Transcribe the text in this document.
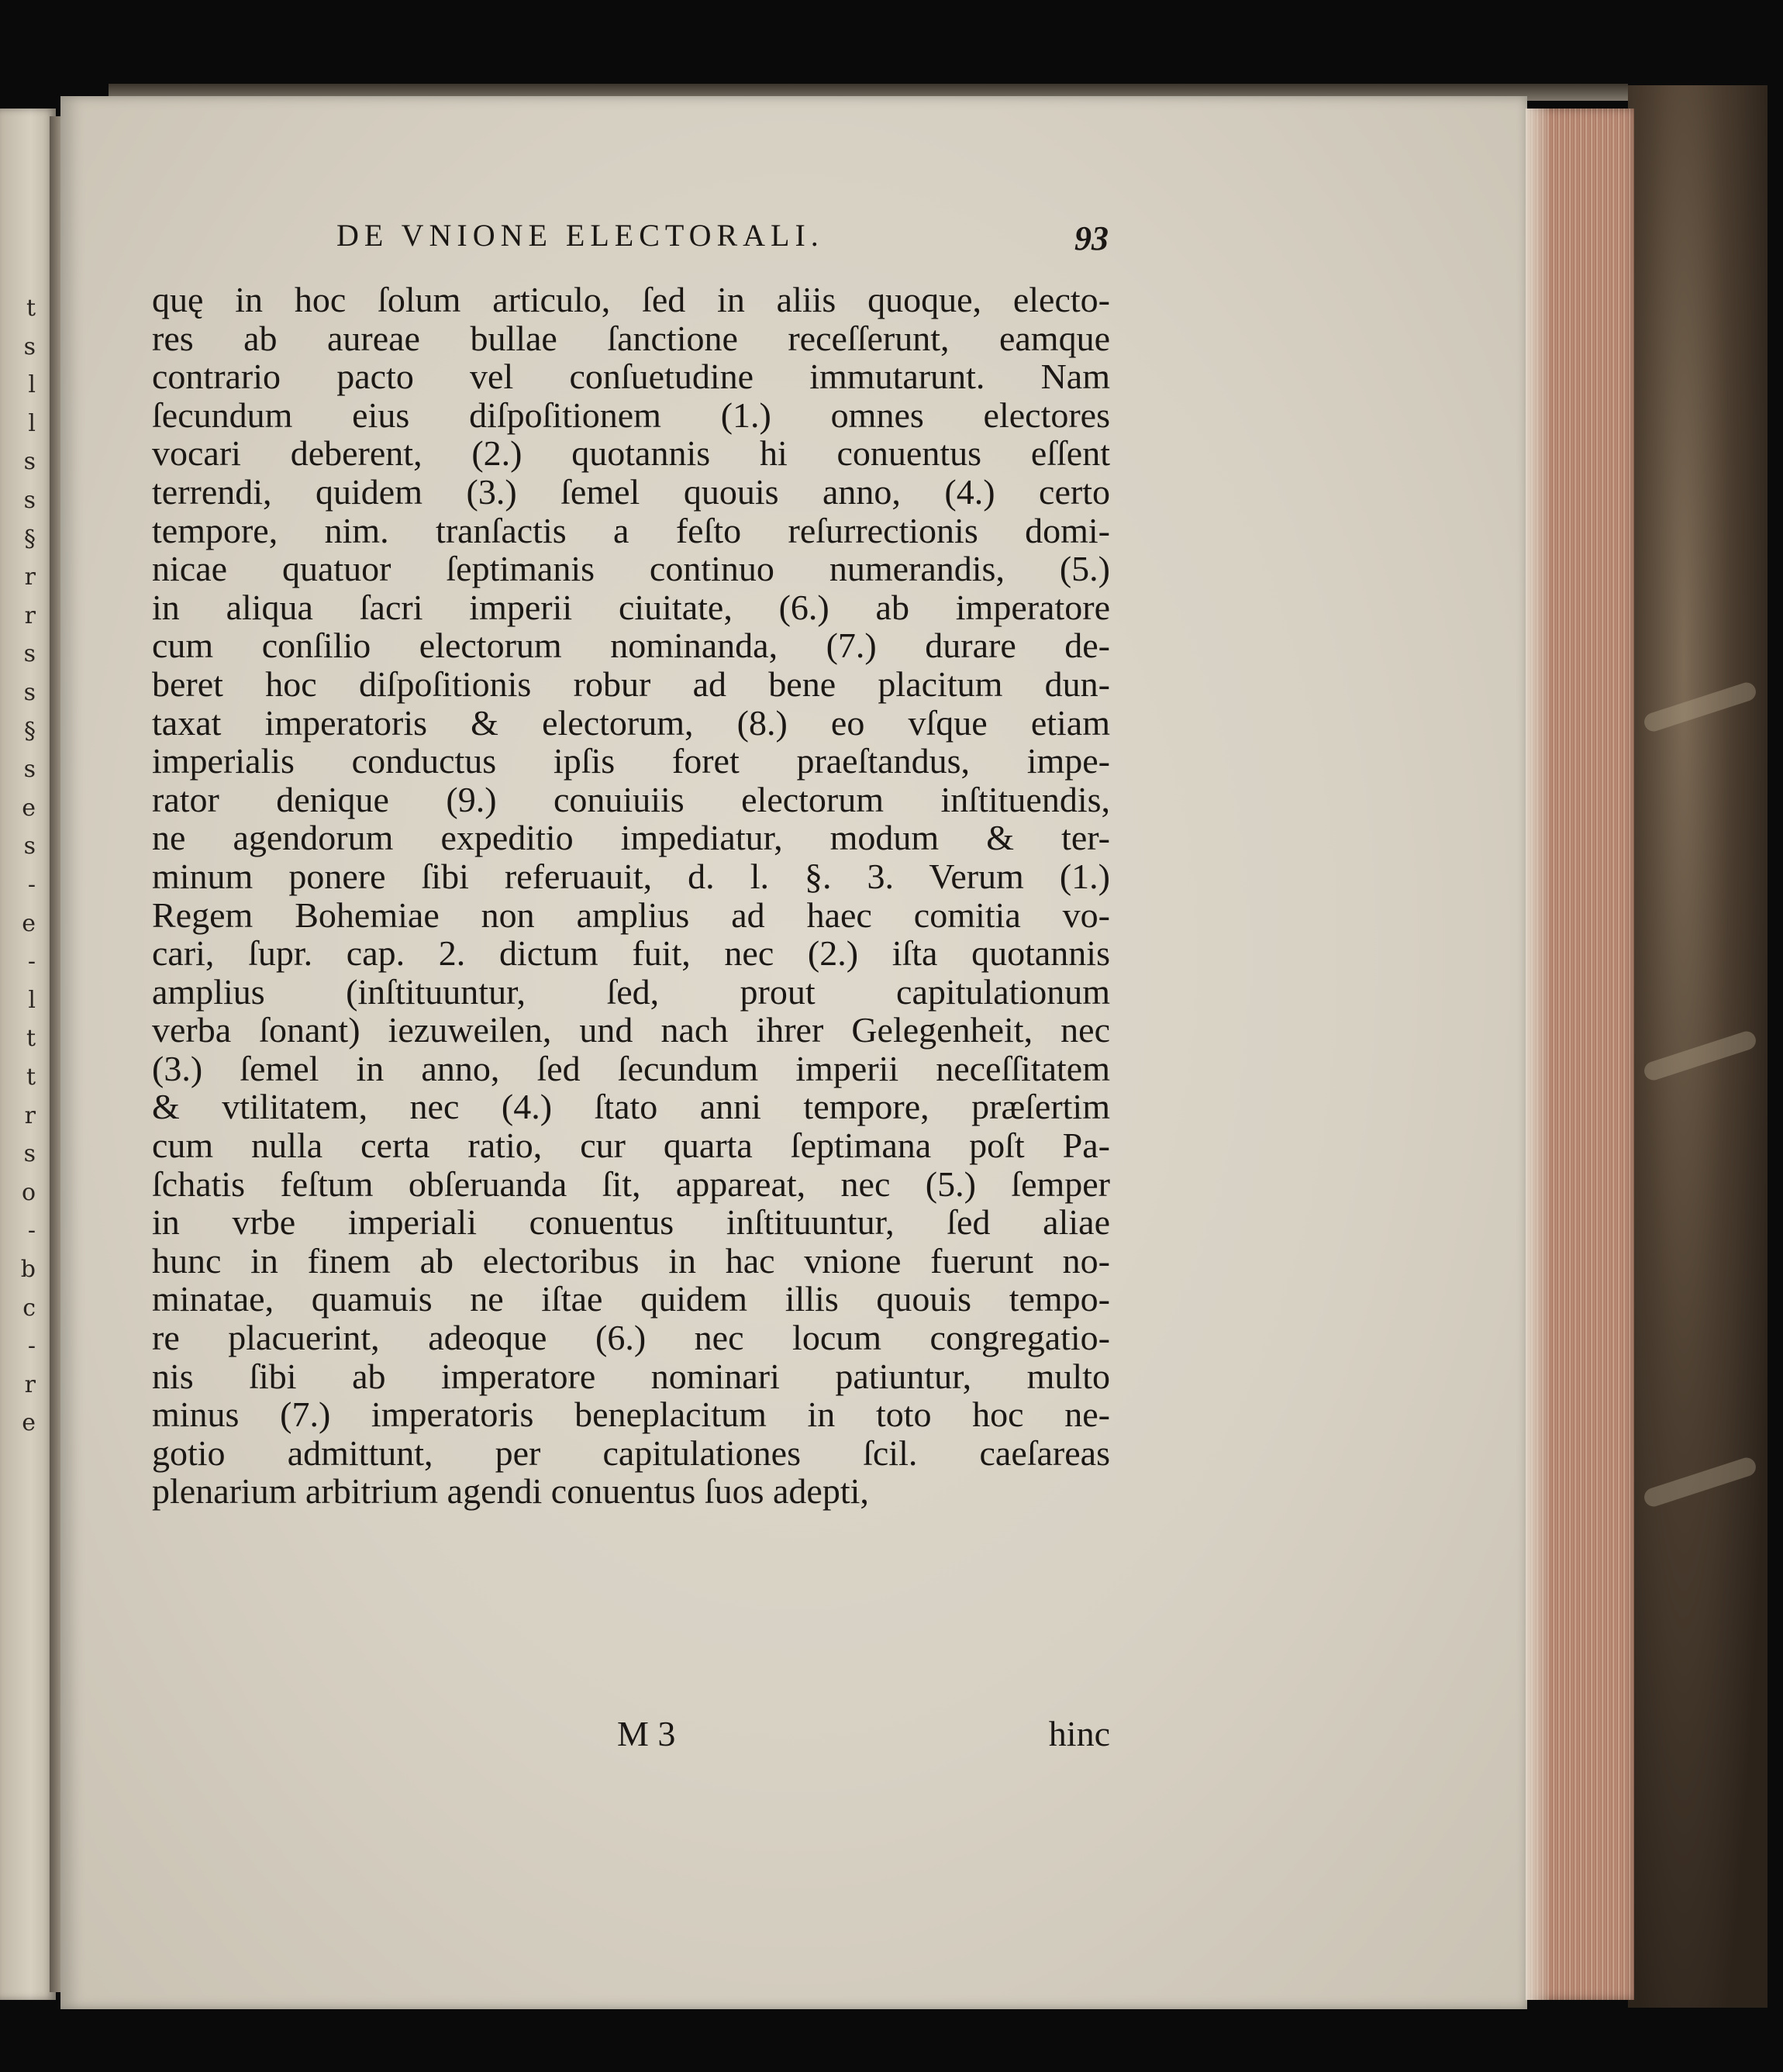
t
s
l
l
s
s
§
r
r
s
s
§
s
e
s
-
e
-
l
t
t
r
s
o
-
b
c
-
r
e
DE VNIONE ELECTORALI.	93
quę in hoc ſolum articulo, ſed in aliis quoque, electo-
res ab aureae bullae ſanctione receſſerunt, eamque
contrario pacto vel conſuetudine immutarunt. Nam
ſecundum eius diſpoſitionem (1.) omnes electores
vocari deberent, (2.) quotannis hi conuentus eſſent
terrendi, quidem (3.) ſemel quouis anno, (4.) certo
tempore, nim. tranſactis a feſto reſurrectionis domi-
nicae quatuor ſeptimanis continuo numerandis, (5.)
in aliqua ſacri imperii ciuitate, (6.) ab imperatore
cum conſilio electorum nominanda, (7.) durare de-
beret hoc diſpoſitionis robur ad bene placitum dun-
taxat imperatoris & electorum, (8.) eo vſque etiam
imperialis conductus ipſis foret praeſtandus, impe-
rator denique (9.) conuiuiis electorum inſtituendis,
ne agendorum expeditio impediatur, modum & ter-
minum ponere ſibi referuauit, d. l. §. 3. Verum (1.)
Regem Bohemiae non amplius ad haec comitia vo-
cari, ſupr. cap. 2. dictum fuit, nec (2.) iſta quotannis
amplius (inſtituuntur, ſed, prout capitulationum
verba ſonant) iezuweilen, und nach ihrer Gelegenheit, nec
(3.) ſemel in anno, ſed ſecundum imperii neceſſitatem
& vtilitatem, nec (4.) ſtato anni tempore, præſertim
cum nulla certa ratio, cur quarta ſeptimana poſt Pa-
ſchatis feſtum obſeruanda ſit, appareat, nec (5.) ſemper
in vrbe imperiali conuentus inſtituuntur, ſed aliae
hunc in finem ab electoribus in hac vnione fuerunt no-
minatae, quamuis ne iſtae quidem illis quouis tempo-
re placuerint, adeoque (6.) nec locum congregatio-
nis ſibi ab imperatore nominari patiuntur, multo
minus (7.) imperatoris beneplacitum in toto hoc ne-
gotio admittunt, per capitulationes ſcil. caeſareas
plenarium arbitrium agendi conuentus ſuos adepti,
M 3	hinc
